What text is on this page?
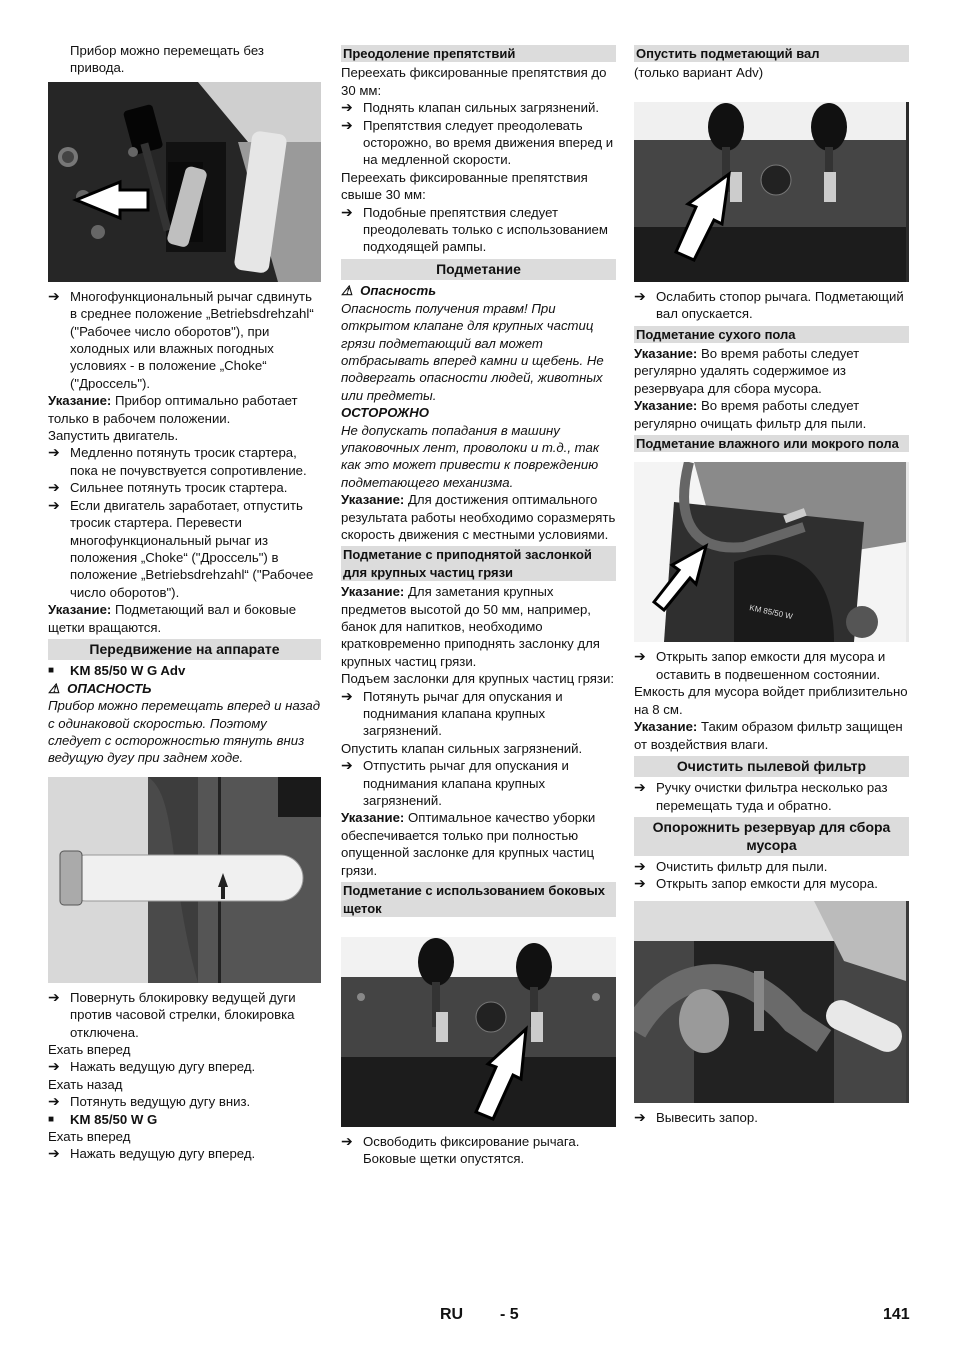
Прибор можно перемещать без привода.

➔ Многофункциональный рычаг сдвинуть в среднее положение „Betriebsdrehzahl“ ("Рабочее число оборотов"), при холодных или влажных погодных условиях - в положение „Choke“ ("Дроссель").

Указание: Прибор оптимально работает только в рабочем положении.

Запустить двигатель.

➔ Медленно потянуть тросик стартера, пока не почувствуется сопротивление.
➔ Сильнее потянуть тросик стартера.
➔ Если двигатель заработает, отпустить тросик стартера. Перевести многофункциональный рычаг из положения „Choke“ ("Дроссель") в положение „Betriebsdrehzahl“ ("Рабочее число оборотов").

Указание: Подметающий вал и боковые щетки вращаются.

Передвижение на аппарате
■	KM 85/50 W G Adv

⚠  ОПАСНОСТЬ

Прибор можно перемещать вперед и назад с одинаковой скоростью. Поэтому следует с осторожностью тянуть вниз ведущую дугу при заднем ходе.

➔ Повернуть блокировку ведущей дуги против часовой стрелки, блокировка отключена.

Ехать вперед

➔ Нажать ведущую дугу вперед.

Ехать назад

➔ Потянуть ведущую дугу вниз.
■	KM 85/50 W G

Ехать вперед

➔ Нажать ведущую дугу вперед.
Преодоление препятствий

Переехать фиксированные препятствия до 30 мм:

➔ Поднять клапан сильных загрязнений.
➔ Препятствия следует преодолевать осторожно, во время движения вперед и на медленной скорости.

Переехать фиксированные препятствия свыше 30 мм:

➔ Подобные препятствия следует преодолевать только с использованием подходящей рампы.
Подметание

⚠  Опасность

Опасность получения травм! При открытом клапане для крупных частиц грязи подметающий вал может отбрасывать вперед камни и щебень. Не подвергать опасности людей, животных или предметы.

ОСТОРОЖНО

Не допускать попадания в машину упаковочных лент, проволоки и т.д., так как это может привести к повреждению подметающего механизма.

Указание: Для достижения оптимального результата работы необходимо соразмерять скорость движения с местными условиями.

Подметание с приподнятой заслонкой для крупных частиц грязи

Указание: Для заметания крупных предметов высотой до 50 мм, например, банок для напитков, необходимо кратковременно приподнять заслонку для крупных частиц грязи.

Подъем заслонки для крупных частиц грязи:

➔ Потянуть рычаг для опускания и поднимания клапана крупных загрязнений.

Опустить клапан сильных загрязнений.

➔ Отпустить рычаг для опускания и поднимания клапана крупных загрязнений.

Указание: Оптимальное качество уборки обеспечивается только при полностью опущенной заслонке для крупных частиц грязи.

Подметание с использованием боковых щеток
➔ Освободить фиксирование рычага. Боковые щетки опустятся.
Опустить подметающий вал

(только вариант Adv)

➔ Ослабить стопор рычага. Подметающий вал опускается.
Подметание сухого пола

Указание: Во время работы следует регулярно удалять содержимое из резервуара для сбора мусора.

Указание: Во время работы следует регулярно очищать фильтр для пыли.

Подметание влажного или мокрого пола
KM 85/50 W
➔ Открыть запор емкости для мусора и оставить в подвешенном состоянии.

Емкость для мусора войдет приблизительно на 8 см.

Указание: Таким образом фильтр защищен от воздействия влаги.

Очистить пылевой фильтр
➔ Ручку очистки фильтра несколько раз перемещать туда и обратно.
Опорожнить резервуар для сбора мусора
➔ Очистить фильтр для пыли.
➔ Открыть запор емкости для мусора.
➔ Вывесить запор.
RU - 5	141
